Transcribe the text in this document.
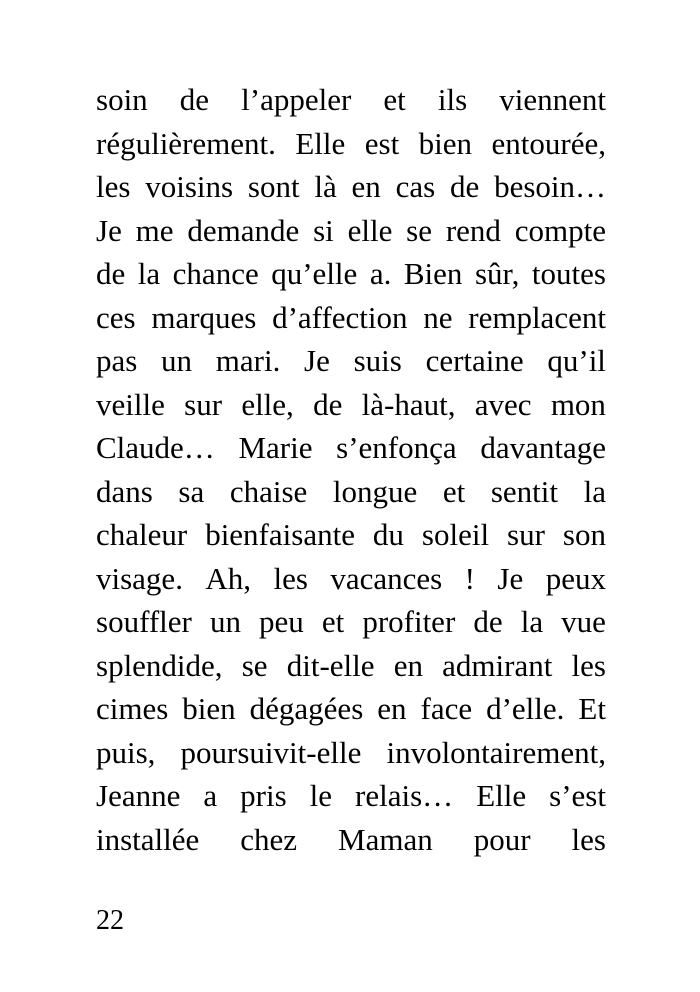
soin de l’appeler et ils viennent
régulièrement. Elle est bien entourée,
les voisins sont là en cas de besoin…
Je me demande si elle se rend compte
de la chance qu’elle a. Bien sûr, toutes
ces marques d’affection ne remplacent
pas un mari. Je suis certaine qu’il
veille sur elle, de là-haut, avec mon
Claude… Marie s’enfonça davantage
dans sa chaise longue et sentit la
chaleur bienfaisante du soleil sur son
visage. Ah, les vacances ! Je peux
souffler un peu et profiter de la vue
splendide, se dit-elle en admirant les
cimes bien dégagées en face d’elle. Et
puis, poursuivit-elle involontairement,
Jeanne a pris le relais… Elle s’est
installée chez Maman pour les
22
